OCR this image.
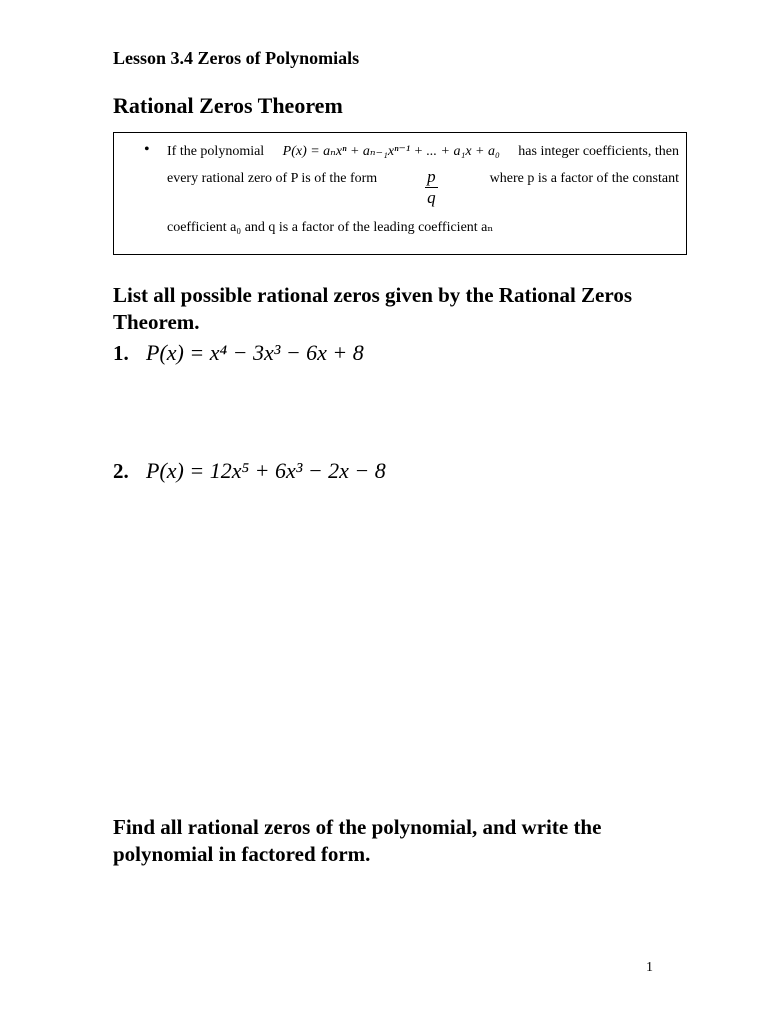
Lesson 3.4 Zeros of Polynomials
Rational Zeros Theorem
• If the polynomial P(x) = aₙxⁿ + aₙ₋₁xⁿ⁻¹ + ... + a₁x + a₀ has integer coefficients, then
every rational zero of P is of the form	$\frac{p}{q}$	where p is a factor of the constant
coefficient a₀ and q is a factor of the leading coefficient aₙ
List all possible rational zeros given by the Rational Zeros Theorem.
1. P(x) = x⁴ − 3x³ − 6x + 8
2. P(x) = 12x⁵ + 6x³ − 2x − 8
Find all rational zeros of the polynomial, and write the polynomial in factored form.
1
